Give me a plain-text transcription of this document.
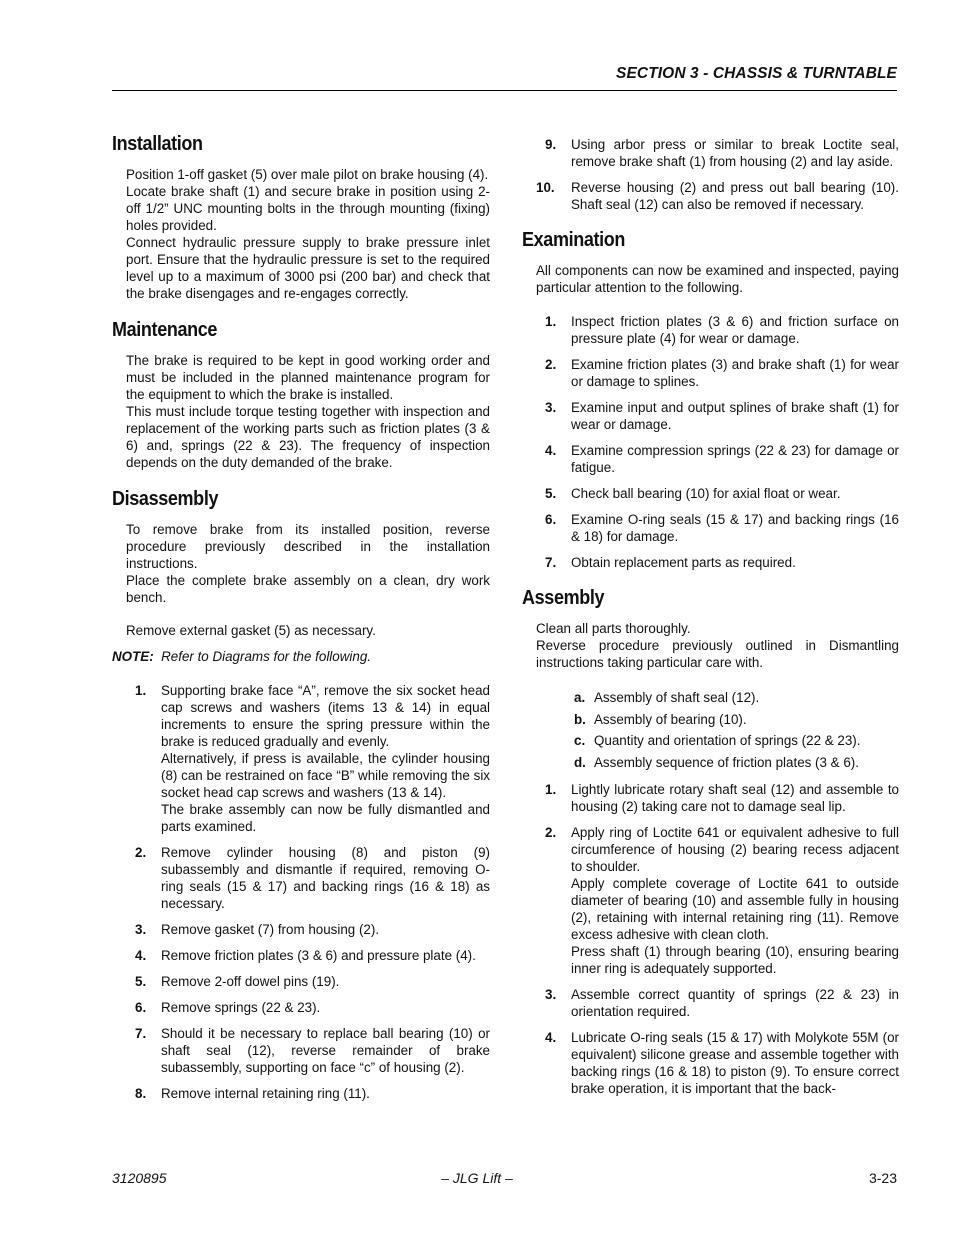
SECTION 3 - CHASSIS & TURNTABLE
Installation

Position 1-off gasket (5) over male pilot on brake housing (4).

Locate brake shaft (1) and secure brake in position using 2-off 1/2” UNC mounting bolts in the through mounting (fixing) holes provided.

Connect hydraulic pressure supply to brake pressure inlet port. Ensure that the hydraulic pressure is set to the required level up to a maximum of 3000 psi (200 bar) and check that the brake disengages and re-engages correctly.

Maintenance

The brake is required to be kept in good working order and must be included in the planned maintenance program for the equipment to which the brake is installed.

This must include torque testing together with inspection and replacement of the working parts such as friction plates (3 & 6) and, springs (22 & 23). The frequency of inspection depends on the duty demanded of the brake.

Disassembly

To remove brake from its installed position, reverse procedure previously described in the installation instructions.

Place the complete brake assembly on a clean, dry work bench.

Remove external gasket (5) as necessary.

NOTE: Refer to Diagrams for the following.

1. Supporting brake face “A”, remove the six socket head cap screws and washers (items 13 & 14) in equal increments to ensure the spring pressure within the brake is reduced gradually and evenly.
Alternatively, if press is available, the cylinder housing (8) can be restrained on face “B” while removing the six socket head cap screws and washers (13 & 14).
The brake assembly can now be fully dismantled and parts examined.
2. Remove cylinder housing (8) and piston (9) subassembly and dismantle if required, removing O-ring seals (15 & 17) and backing rings (16 & 18) as necessary.
3. Remove gasket (7) from housing (2).
4. Remove friction plates (3 & 6) and pressure plate (4).
5. Remove 2-off dowel pins (19).
6. Remove springs (22 & 23).
7. Should it be necessary to replace ball bearing (10) or shaft seal (12), reverse remainder of brake subassembly, supporting on face “c” of housing (2).
8. Remove internal retaining ring (11).
9. Using arbor press or similar to break Loctite seal, remove brake shaft (1) from housing (2) and lay aside.
10. Reverse housing (2) and press out ball bearing (10). Shaft seal (12) can also be removed if necessary.
Examination

All components can now be examined and inspected, paying particular attention to the following.

1. Inspect friction plates (3 & 6) and friction surface on pressure plate (4) for wear or damage.
2. Examine friction plates (3) and brake shaft (1) for wear or damage to splines.
3. Examine input and output splines of brake shaft (1) for wear or damage.
4. Examine compression springs (22 & 23) for damage or fatigue.
5. Check ball bearing (10) for axial float or wear.
6. Examine O-ring seals (15 & 17) and backing rings (16 & 18) for damage.
7. Obtain replacement parts as required.
Assembly

Clean all parts thoroughly.

Reverse procedure previously outlined in Dismantling instructions taking particular care with.

a. Assembly of shaft seal (12).
b. Assembly of bearing (10).
c. Quantity and orientation of springs (22 & 23).
d. Assembly sequence of friction plates (3 & 6).
1. Lightly lubricate rotary shaft seal (12) and assemble to housing (2) taking care not to damage seal lip.
2. Apply ring of Loctite 641 or equivalent adhesive to full circumference of housing (2) bearing recess adjacent to shoulder.
Apply complete coverage of Loctite 641 to outside diameter of bearing (10) and assemble fully in housing (2), retaining with internal retaining ring (11). Remove excess adhesive with clean cloth.
Press shaft (1) through bearing (10), ensuring bearing inner ring is adequately supported.
3. Assemble correct quantity of springs (22 & 23) in orientation required.
4. Lubricate O-ring seals (15 & 17) with Molykote 55M (or equivalent) silicone grease and assemble together with backing rings (16 & 18) to piston (9). To ensure correct brake operation, it is important that the back-
3120895	– JLG Lift –	3-23
